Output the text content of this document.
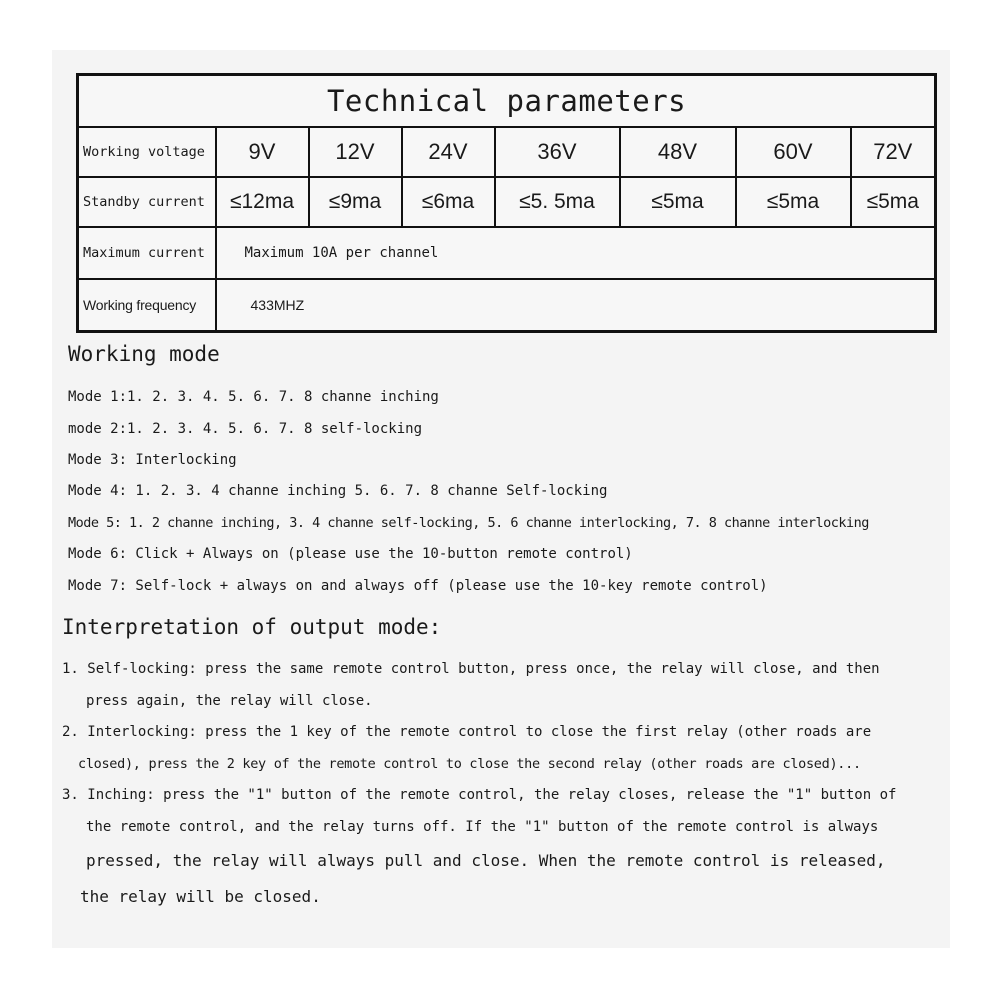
Technical parameters							
Working voltage	9V	12V	24V	36V	48V	60V	72V
Standby current	≤12ma	≤9ma	≤6ma	≤5. 5ma	≤5ma	≤5ma	≤5ma
Maximum current	Maximum 10A per channel						
Working frequency	433MHZ						
Working mode
Mode 1:1. 2. 3. 4. 5. 6. 7. 8 channe inching
mode 2:1. 2. 3. 4. 5. 6. 7. 8 self-locking
Mode 3: Interlocking
Mode 4: 1. 2. 3. 4 channe inching 5. 6. 7. 8 channe Self-locking
Mode 5: 1. 2 channe inching, 3. 4 channe self-locking, 5. 6 channe interlocking, 7. 8 channe interlocking
Mode 6: Click + Always on (please use the 10-button remote control)
Mode 7: Self-lock + always on and always off (please use the 10-key remote control)
Interpretation of output mode:
1. Self-locking: press the same remote control button, press once, the relay will close, and then
press again, the relay will close.
2. Interlocking: press the 1 key of the remote control to close the first relay (other roads are
closed), press the 2 key of the remote control to close the second relay (other roads are closed)...
3. Inching: press the "1" button of the remote control, the relay closes, release the "1" button of
the remote control, and the relay turns off. If the "1" button of the remote control is always
pressed, the relay will always pull and close. When the remote control is released,
the relay will be closed.
